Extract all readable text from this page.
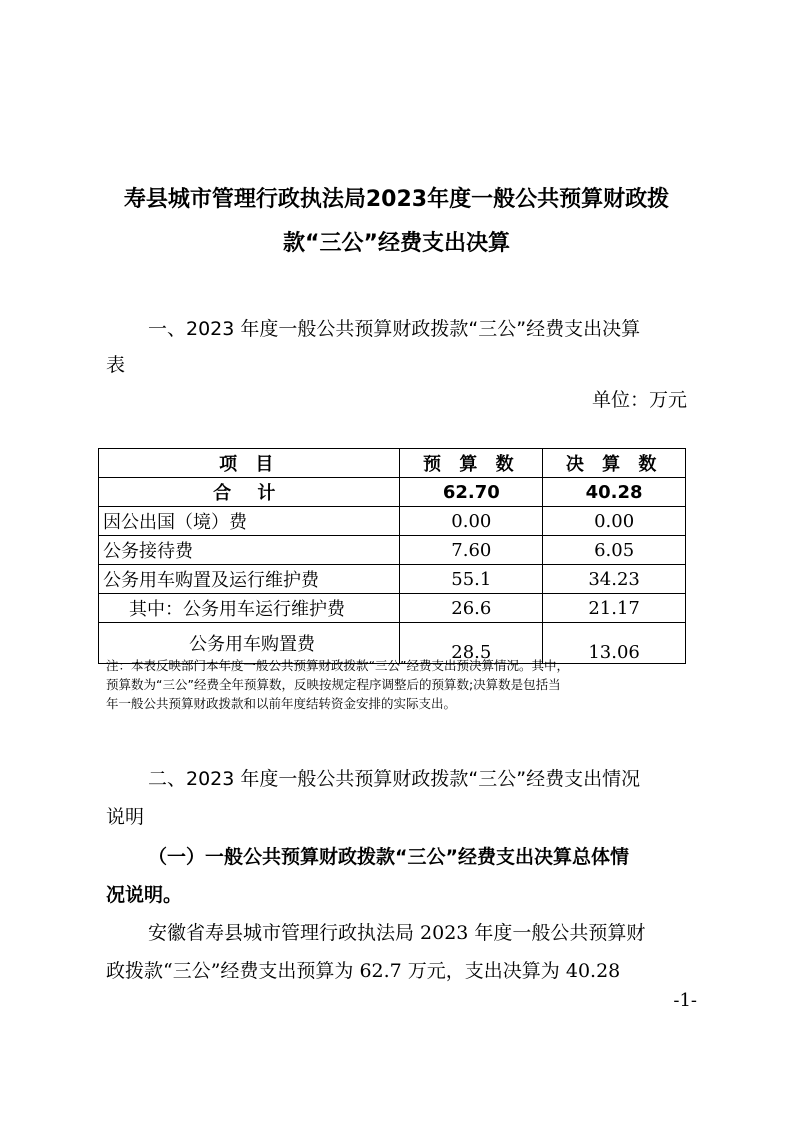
寿县城市管理行政执法局2023年度一般公共预算财政拨
款“三公”经费支出决算
一、2023 年度一般公共预算财政拨款“三公”经费支出决算
表
单位：万元
项 目	预 算 数	决 算 数
合 计	62.70	40.28
因公出国（境）费	0.00	0.00
公务接待费	7.60	6.05
公务用车购置及运行维护费	55.1	34.23
其中：公务用车运行维护费	26.6	21.17
公务用车购置费	28.5	13.06

注：本表反映部门本年度一般公共预算财政拨款“三公”经费支出预决算情况。其中，

预算数为“三公”经费全年预算数，反映按规定程序调整后的预算数;决算数是包括当

年一般公共预算财政拨款和以前年度结转资金安排的实际支出。

二、2023 年度一般公共预算财政拨款“三公”经费支出情况
说明
（一）一般公共预算财政拨款“三公”经费支出决算总体情
况说明。
安徽省寿县城市管理行政执法局 2023 年度一般公共预算财
政拨款“三公”经费支出预算为 62.7 万元，支出决算为 40.28
-1-
